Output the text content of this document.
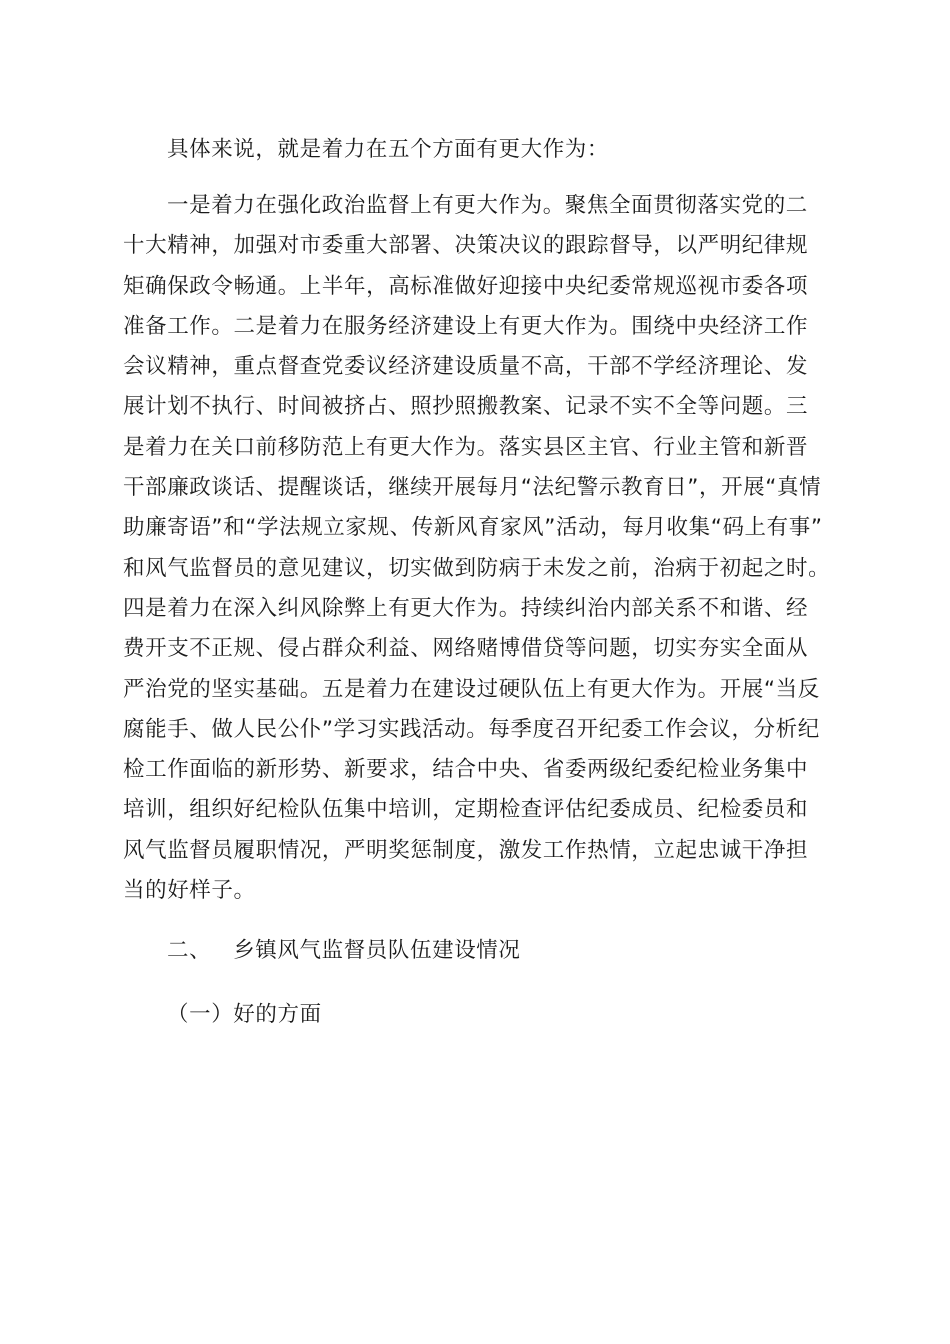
具体来说，就是着力在五个方面有更大作为：

一是着力在强化政治监督上有更大作为。聚焦全面贯彻落实党的二
十大精神，加强对市委重大部署、决策决议的跟踪督导，以严明纪律规
矩确保政令畅通。上半年，高标准做好迎接中央纪委常规巡视市委各项
准备工作。二是着力在服务经济建设上有更大作为。围绕中央经济工作
会议精神，重点督查党委议经济建设质量不高，干部不学经济理论、发
展计划不执行、时间被挤占、照抄照搬教案、记录不实不全等问题。三
是着力在关口前移防范上有更大作为。落实县区主官、行业主管和新晋
干部廉政谈话、提醒谈话，继续开展每月“法纪警示教育日”，开展“真情
助廉寄语”和“学法规立家规、传新风育家风”活动，每月收集“码上有事”
和风气监督员的意见建议，切实做到防病于未发之前，治病于初起之时。
四是着力在深入纠风除弊上有更大作为。持续纠治内部关系不和谐、经
费开支不正规、侵占群众利益、网络赌博借贷等问题，切实夯实全面从
严治党的坚实基础。五是着力在建设过硬队伍上有更大作为。开展“当反
腐能手、做人民公仆”学习实践活动。每季度召开纪委工作会议，分析纪
检工作面临的新形势、新要求，结合中央、省委两级纪委纪检业务集中
培训，组织好纪检队伍集中培训，定期检查评估纪委成员、纪检委员和
风气监督员履职情况，严明奖惩制度，激发工作热情，立起忠诚干净担
当的好样子。

二、 乡镇风气监督员队伍建设情况

（一）好的方面
